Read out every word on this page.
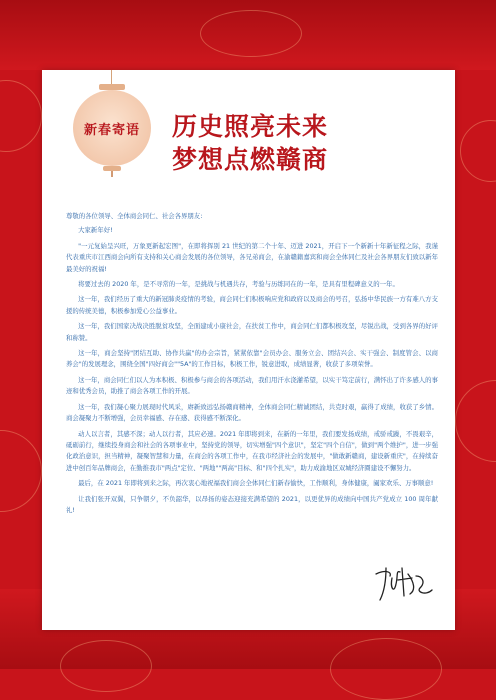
新春寄语 历史照亮未来
梦想点燃赣商

尊敬的各位领导、全体商会同仁、社会各界朋友:

大家新年好!

"一元复始呈兴旺，万象更新起宏图"，在即将挥别 21 世纪的第二个十年、迈进 2021，开启下一个新新十年新征程之际，我谨代表重庆市江西商会向所有支持和关心商会发展的各位领导，各兄弟商会，在渝赣籍嘉宾和商会全体同仁及社会各界朋友们致以新年最美好的祝福!

将要过去的 2020 年，是不寻常的一年，是挑战与机遇共存，考验与历练同在的一年，是具有里程碑意义的一年。

这一年，我们经历了重大的新冠肺炎疫情的考验，商会同仁们积极响应党和政府以及商会的号召，弘扬中华民族一方有难八方支援的传统美德，积极参加爱心公益事业。

这一年，我们国家决战决胜脱贫攻坚，全面建成小康社会，在扶贫工作中，商会同仁们都积极攻坚，尽锐出战，受到各界的好评和称赞。

这一年，商会坚持"团结互助、协作共赢"的办会宗旨，紧紧依靠"会员办会、服务立会、团结兴会、实干强会、制度管会、以商养会"的发展理念，围绕全国"四好商会""5A"的工作目标，积极工作，锐意进取，成绩显著，收获了多项荣誉。

这一年，商会同仁们以人为本积极、积极参与商会的各项活动，我们用汗水浇灌希望，以实干笃定前行，满怀出了许多感人的事迹和优秀会员，助推了商会各项工作的开展。

这一年，我们凝心聚力展现时代风采，赓新致远弘扬赣商精神，全体商会同仁精诚团结，共克时艰，赢得了成绩，收获了乡情。商会凝聚力不断增强，会员幸福感、存在感、获得感不断深化。

动人以言者，其感不深；动人以行者，其应必速。2021 年即将到来，在新的一年里，我们要发扬成绩，戒骄戒躁，不畏艰辛，砥砺前行，继续投身商会和社会的各项事业中，坚持党的领导，切实增强"四个意识"，坚定"四个自信"，做到"两个维护"，进一步强化政治意识，担当精神，凝聚智慧和力量，在商会的各项工作中，在我市经济社会的发展中，"做敢新赣商，建设新重庆"，在持续奋进中创百年品牌商会，在勤推我市"两点"定位、"两地""两高"目标、和"四个扎实"，助力成渝地区双城经济圈建设不懈努力。

最后，在 2021 年即将到来之际，再次衷心地祝福我们商会全体同仁们新春愉快，工作顺利，身体健康，阖家欢乐、万事顺意!

让我们张开双翼，只争朝夕，不负韶华，以昂扬的姿态迎接充满希望的 2021，以更优异的成绩向中国共产党成立 100 周年献礼!
